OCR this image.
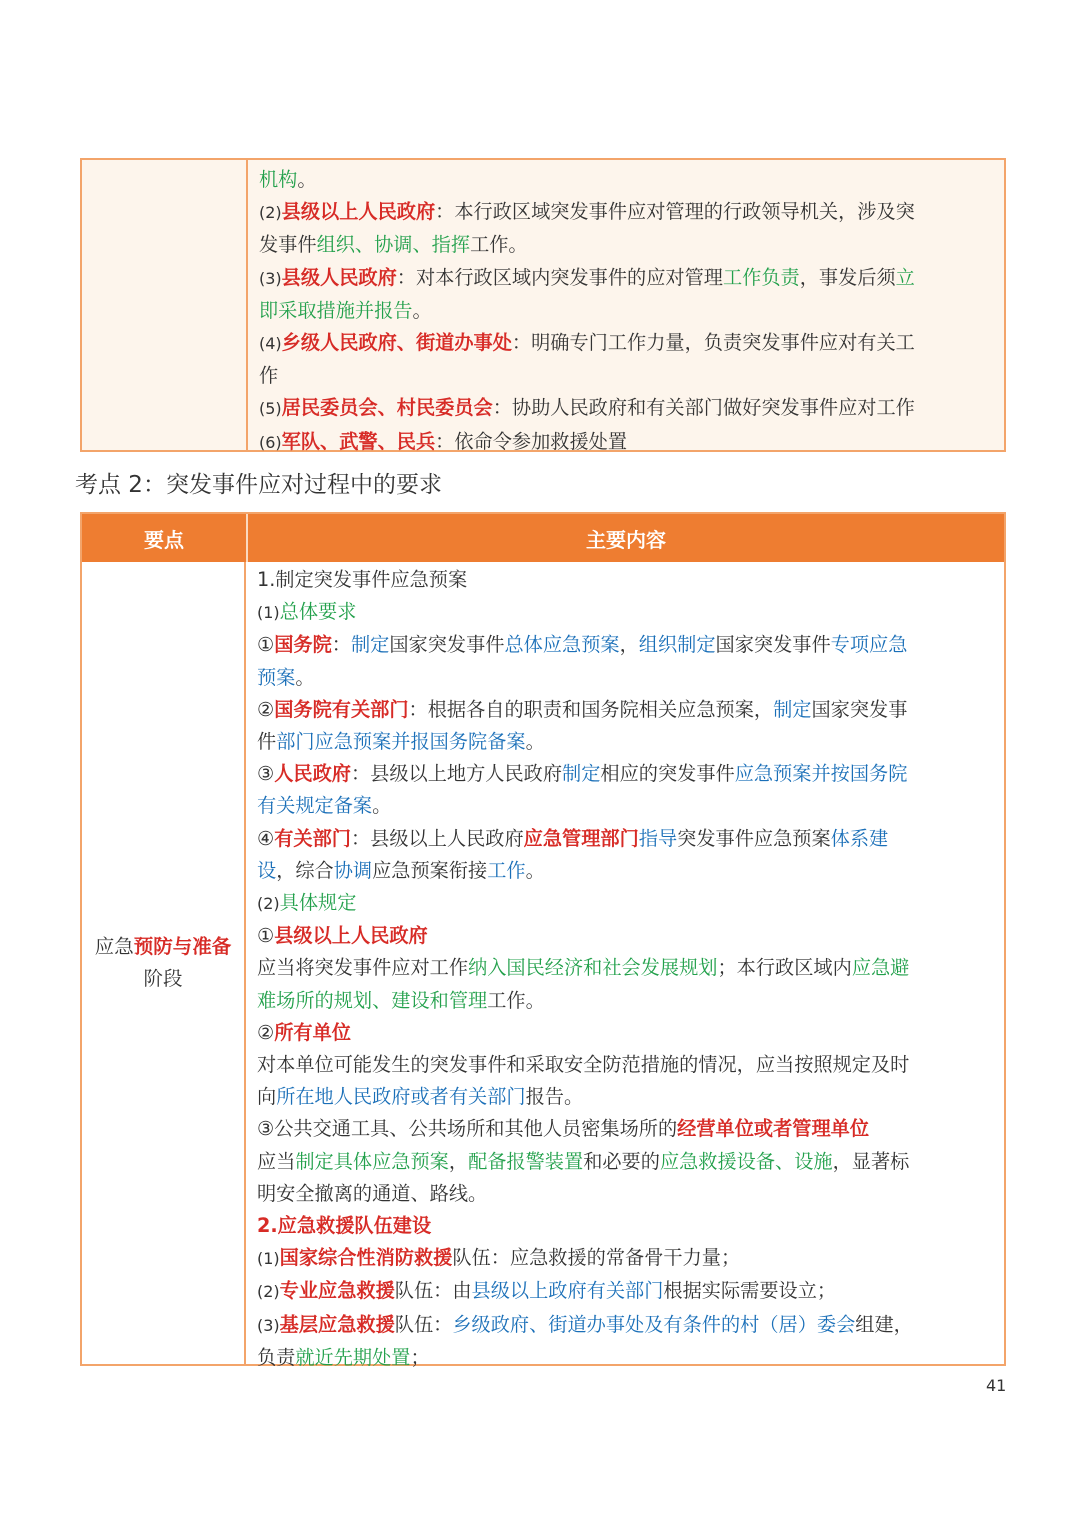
机构。

(2)县级以上人民政府：本行政区域突发事件应对管理的行政领导机关，涉及突

发事件组织、协调、指挥工作。

(3)县级人民政府：对本行政区域内突发事件的应对管理工作负责，事发后须立

即采取措施并报告。

(4)乡级人民政府、街道办事处：明确专门工作力量，负责突发事件应对有关工

作

(5)居民委员会、村民委员会：协助人民政府和有关部门做好突发事件应对工作

(6)军队、武警、民兵：依命令参加救援处置

考点 2：突发事件应对过程中的要求
要点	主要内容
应急预防与准备阶段

1.制定突发事件应急预案

(1)总体要求

①国务院：制定国家突发事件总体应急预案，组织制定国家突发事件专项应急

预案。

②国务院有关部门：根据各自的职责和国务院相关应急预案，制定国家突发事

件部门应急预案并报国务院备案。

③人民政府：县级以上地方人民政府制定相应的突发事件应急预案并按国务院

有关规定备案。

④有关部门：县级以上人民政府应急管理部门指导突发事件应急预案体系建

设，综合协调应急预案衔接工作。

(2)具体规定

①县级以上人民政府

应当将突发事件应对工作纳入国民经济和社会发展规划；本行政区域内应急避

难场所的规划、建设和管理工作。

②所有单位

对本单位可能发生的突发事件和采取安全防范措施的情况，应当按照规定及时

向所在地人民政府或者有关部门报告。

③公共交通工具、公共场所和其他人员密集场所的经营单位或者管理单位

应当制定具体应急预案，配备报警装置和必要的应急救援设备、设施，显著标

明安全撤离的通道、路线。

2.应急救援队伍建设

(1)国家综合性消防救援队伍：应急救援的常备骨干力量；

(2)专业应急救援队伍：由县级以上政府有关部门根据实际需要设立；

(3)基层应急救援队伍：乡级政府、街道办事处及有条件的村（居）委会组建，

负责就近先期处置；

41
